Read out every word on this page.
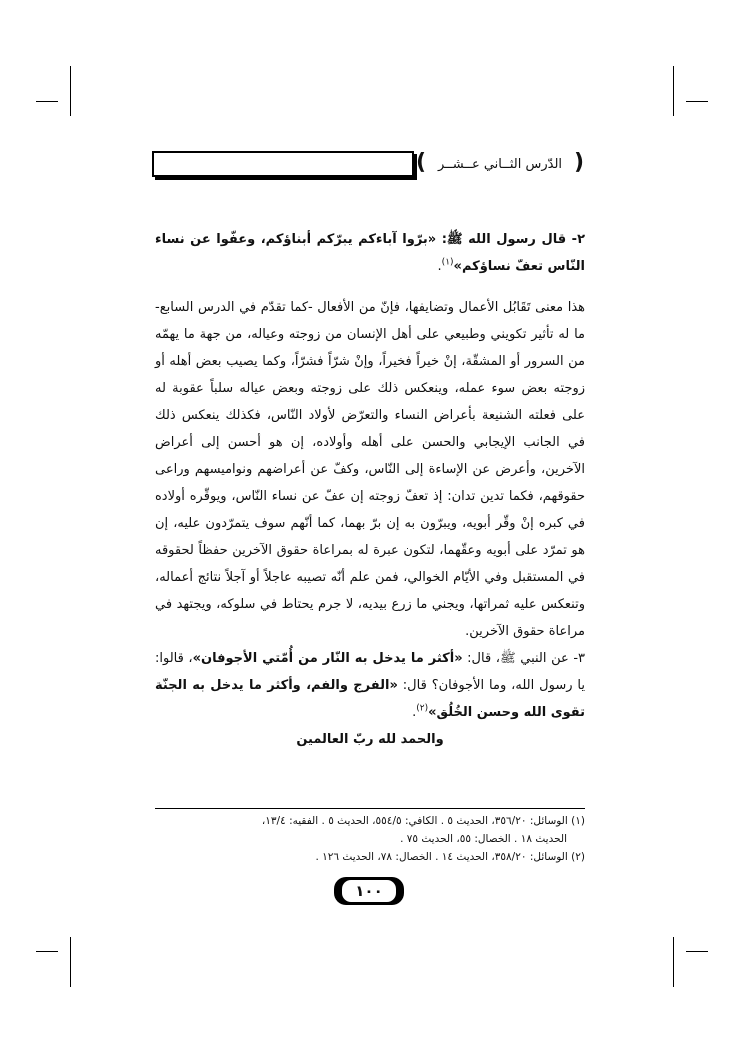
(
الدّرس الثــاني عــشــر
)

٢- قال رسول الله ﷺ: «برّوا آباءكم يبرّكم أبناؤكم، وعفّوا عن نساء النّاس تعفّ نساؤكم»$^{(١)}$.

هذا معنى تَقَابُل الأعمال وتضايفها، فإنّ من الأفعال -كما تقدّم في الدرس السابع- ما له تأثير تكويني وطبيعي على أهل الإنسان من زوجته وعياله، من جهة ما يهمّه من السرور أو المشقّة، إنْ خيراً فخيراً، وإنْ شرّاً فشرّاً، وكما يصيب بعض أهله أو زوجته بعض سوء عمله، وينعكس ذلك على زوجته وبعض عياله سلباً عقوبة له على فعلته الشنيعة بأعراض النساء والتعرّض لأولاد النّاس، فكذلك ينعكس ذلك في الجانب الإيجابي والحسن على أهله وأولاده، إن هو أحسن إلى أعراض الآخرين، وأعرض عن الإساءة إلى النّاس، وكفّ عن أعراضهم ونواميسهم وراعى حقوقهم، فكما تدين تدان: إذ تعفّ زوجته إن عفّ عن نساء النّاس، ويوقّره أولاده في كبره إنْ وقّر أبويه، ويبرّون به إن برّ بهما، كما أنّهم سوف يتمرّدون عليه، إن هو تمرّد على أبويه وعقّهما، لتكون عبرة له بمراعاة حقوق الآخرين حفظاً لحقوقه في المستقبل وفي الأيّام الخوالي، فمن علم أنّه تصيبه عاجلاً أو آجلاً نتائج أعماله، وتنعكس عليه ثمراتها، ويجني ما زرع بيديه، لا جرم يحتاط في سلوكه، ويجتهد في مراعاة حقوق الآخرين.

٣- عن النبي ﷺ، قال: «أكثر ما يدخل به النّار من أُمّتي الأجوفان»، قالوا: يا رسول الله، وما الأجوفان؟ قال: «الفرج والفم، وأكثر ما يدخل به الجنّة تقوى الله وحسن الخُلُق»$^{(٢)}$.

والحمد لله ربّ العالمين

(١) الوسائل: ٣٥٦/٢٠، الحديث ٥ . الكافي: ٥٥٤/٥، الحديث ٥ . الفقيه: ١٣/٤،

الحديث ١٨ . الخصال: ٥٥، الحديث ٧٥ .

(٢) الوسائل: ٣٥٨/٢٠، الحديث ١٤ . الخصال: ٧٨، الحديث ١٢٦ .

١٠٠
